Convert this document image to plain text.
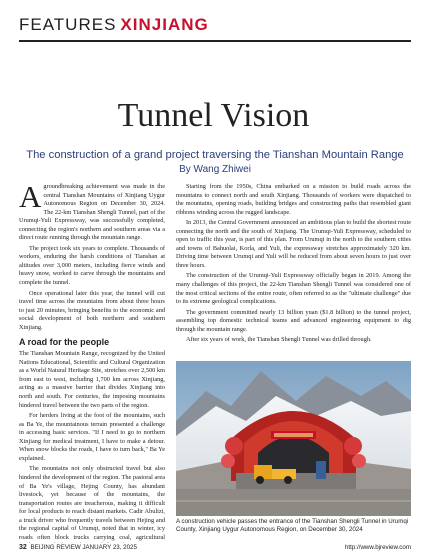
FEATURES XINJIANG
Tunnel Vision
The construction of a grand project traversing the Tianshan Mountain Range
By Wang Zhiwei

Agroundbreaking achievement was made in the central Tianshan Mountains of Xinjiang Uygur Autonomous Region on December 30, 2024. The 22-km Tianshan Shengli Tunnel, part of the Urumqi-Yuli Expressway, was successfully completed, connecting the region's northern and southern areas via a direct route running through the mountain range.

The project took six years to complete. Thousands of workers, enduring the harsh conditions of Tianshan at altitudes over 3,000 meters, including fierce winds and heavy snow, worked to carve through the mountains and complete the tunnel.

Once operational later this year, the tunnel will cut travel time across the mountains from about three hours to just 20 minutes, bringing benefits to the economic and social development of both northern and southern Xinjiang.

A road for the people

The Tianshan Mountain Range, recognized by the United Nations Educational, Scientific and Cultural Organization as a World Natural Heritage Site, stretches over 2,500 km from east to west, including 1,700 km across Xinjiang, acting as a massive barrier that divides Xinjiang into north and south. For centuries, the imposing mountains hindered travel between the two parts of the region.

For herders living at the foot of the mountains, such as Ba Ye, the mountainous terrain presented a challenge in accessing basic services. "If I need to go to northern Xinjiang for medical treatment, I have to make a detour. When snow blocks the roads, I have to turn back," Ba Ye explained.

The mountains not only obstructed travel but also hindered the development of the region. The pastoral area of Ba Ye's village, Hejing County, has abundant livestock, yet because of the mountains, the transportation routes are treacherous, making it difficult for local products to reach distant markets. Cadir Abulizi, a truck driver who frequently travels between Hejing and the regional capital of Urumqi, noted that in winter, icy roads often block trucks carrying coal, agricultural

Starting from the 1950s, China embarked on a mission to build roads across the mountains to connect north and south Xinjiang. Thousands of workers were dispatched to the mountains, opening roads, building bridges and constructing paths that resembled giant ribbons winding across the rugged landscape.

In 2013, the Central Government announced an ambitious plan to build the shortest route connecting the north and the south of Xinjiang. The Urumqi-Yuli Expressway, scheduled to open to traffic this year, is part of this plan. From Urumqi in the north to the southern cities and towns of Bahuolai, Korla, and Yuli, the expressway stretches approximately 320 km. Driving time between Urumqi and Yuli will be reduced from about seven hours to just over three hours.

The construction of the Urumqi-Yuli Expressway officially began in 2019. Among the many challenges of this project, the 22-km Tianshan Shengli Tunnel was considered one of the most critical sections of the entire route, often referred to as the "ultimate challenge" due to its extreme geological complications.

The government committed nearly 13 billion yuan ($1.8 billion) to the tunnel project, assembling top domestic technical teams and advanced engineering equipment to dig through the mountain range.

After six years of work, the Tianshan Shengli Tunnel was drilled through.

A construction vehicle passes the entrance of the Tianshan Shengli Tunnel in Urumqi County, Xinjiang Uygur Autonomous Region, on December 30, 2024
32 BEIJING REVIEW JANUARY 23, 2025	http://www.bjreview.com
